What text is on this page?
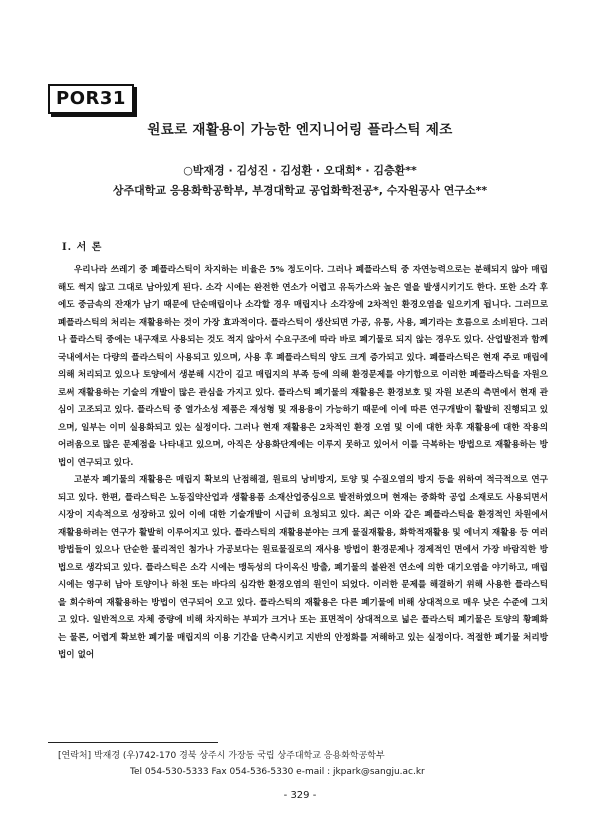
POR31
원료로 재활용이 가능한 엔지니어링 플라스틱 제조
○박재경 · 김성진 · 김성환 · 오대희* · 김층환**
상주대학교 응용화학공학부, 부경대학교 공업화학전공*, 수자원공사 연구소**
I. 서 론

우리나라 쓰레기 중 폐플라스틱이 차지하는 비율은 5% 정도이다. 그러나 폐플라스틱 중 자연능력으로는 분해되지 않아 매립해도 썩지 않고 그대로 남아있게 된다. 소각 시에는 완전한 연소가 어렵고 유독가스와 높은 열을 발생시키기도 한다. 또한 소각 후에도 중금속의 잔재가 남기 때문에 단순매립이나 소각할 경우 매립지나 소각장에 2차적인 환경오염을 일으키게 됩니다. 그러므로 폐플라스틱의 처리는 재활용하는 것이 가장 효과적이다. 플라스틱이 생산되면 가공, 유통, 사용, 폐기라는 흐름으로 소비된다. 그러나 플라스틱 중에는 내구재로 사용되는 것도 적지 않아서 수요구조에 따라 바로 폐기물로 되지 않는 경우도 있다. 산업발전과 함께 국내에서는 다량의 플라스틱이 사용되고 있으며, 사용 후 폐플라스틱의 양도 크게 증가되고 있다. 폐플라스틱은 현재 주로 매립에 의해 처리되고 있으나 토양에서 생분해 시간이 길고 매립지의 부족 등에 의해 환경문제를 야기함으로 이러한 폐플라스틱을 자원으로써 재활용하는 기술의 개발이 많은 관심을 가지고 있다. 플라스틱 폐기물의 재활용은 환경보호 및 자원 보존의 측면에서 현재 관심이 고조되고 있다. 플라스틱 중 열가소성 제품은 재성형 및 재용융이 가능하기 때문에 이에 따른 연구개발이 활발히 진행되고 있으며, 일부는 이미 실용화되고 있는 실정이다. 그러나 현재 재활용은 2차적인 환경 오염 및 이에 대한 차후 재활용에 대한 작용의 어려움으로 많은 문제점을 나타내고 있으며, 아직은 상용화단계에는 이루지 못하고 있어서 이를 극복하는 방법으로 재활용하는 방법이 연구되고 있다.

고분자 폐기물의 재활용은 매립지 확보의 난점해결, 원료의 낭비방지, 토양 및 수질오염의 방지 등을 위하여 적극적으로 연구되고 있다. 한편, 플라스틱은 노동집약산업과 생활용품 소재산업중심으로 발전하였으며 현재는 중화학 공업 소재로도 사용되면서 시장이 지속적으로 성장하고 있어 이에 대한 기술개발이 시급히 요청되고 있다. 최근 이와 같은 폐플라스틱을 환경적인 차원에서 재활용하려는 연구가 활발히 이루어지고 있다. 플라스틱의 재활용분야는 크게 물질재활용, 화학적재활용 및 에너지 재활용 등 여러 방법들이 있으나 단순한 물리적인 첨가나 가공보다는 원료물질로의 재사용 방법이 환경문제나 경제적인 면에서 가장 바람직한 방법으로 생각되고 있다. 플라스틱은 소각 시에는 맹독성의 다이옥신 방출, 폐기물의 불완전 연소에 의한 대기오염을 야기하고, 매립 시에는 영구히 남아 토양이나 하천 또는 바다의 심각한 환경오염의 원인이 되었다. 이러한 문제를 해결하기 위해 사용한 플라스틱을 회수하여 재활용하는 방법이 연구되어 오고 있다. 플라스틱의 재활용은 다른 폐기물에 비해 상대적으로 매우 낮은 수준에 그치고 있다. 일반적으로 자체 중량에 비해 차지하는 부피가 크거나 또는 표면적이 상대적으로 넓은 플라스틱 폐기물은 토양의 황폐화는 물론, 어렵게 확보한 폐기물 매립지의 이용 기간을 단축시키고 지반의 안정화를 저해하고 있는 실정이다. 적절한 폐기물 처리방법이 없어

[연락처] 박재경 (우)742-170 경북 상주시 가장동 국립 상주대학교 응용화학공학부
Tel 054-530-5333 Fax 054-536-5330 e-mail : jkpark@sangju.ac.kr
- 329 -
